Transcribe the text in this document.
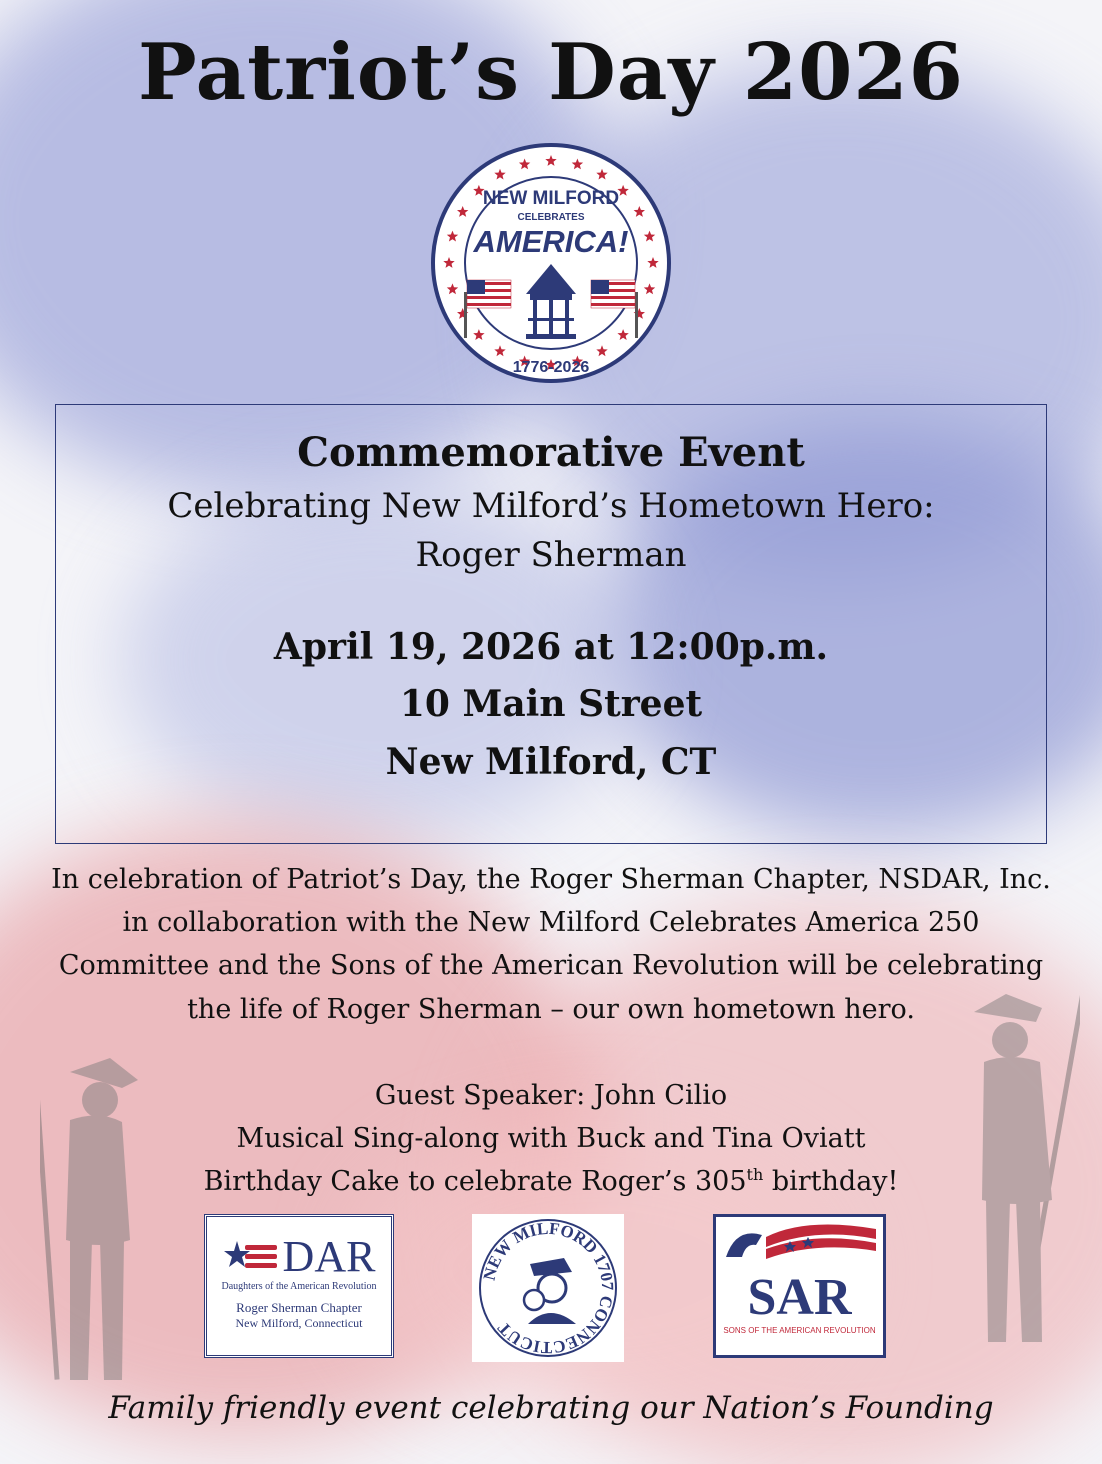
Patriot’s Day 2026
NEW MILFORD
CELEBRATES
AMERICA!
1776-2026
Commemorative Event
Celebrating New Milford’s Hometown Hero:
Roger Sherman
April 19, 2026 at 12:00p.m.
10 Main Street
New Milford, CT
In celebration of Patriot’s Day, the Roger Sherman Chapter, NSDAR, Inc.
in collaboration with the New Milford Celebrates America 250
Committee and the Sons of the American Revolution will be celebrating
the life of Roger Sherman – our own hometown hero.
Guest Speaker: John Cilio
Musical Sing-along with Buck and Tina Oviatt
Birthday Cake to celebrate Roger’s 305th birthday!
DAR
Daughters of the American Revolution
Roger Sherman Chapter
New Milford, Connecticut
NEW MILFORD 1707 CONNECTICUT
SAR
SONS OF THE AMERICAN REVOLUTION
Family friendly event celebrating our Nation’s Founding
